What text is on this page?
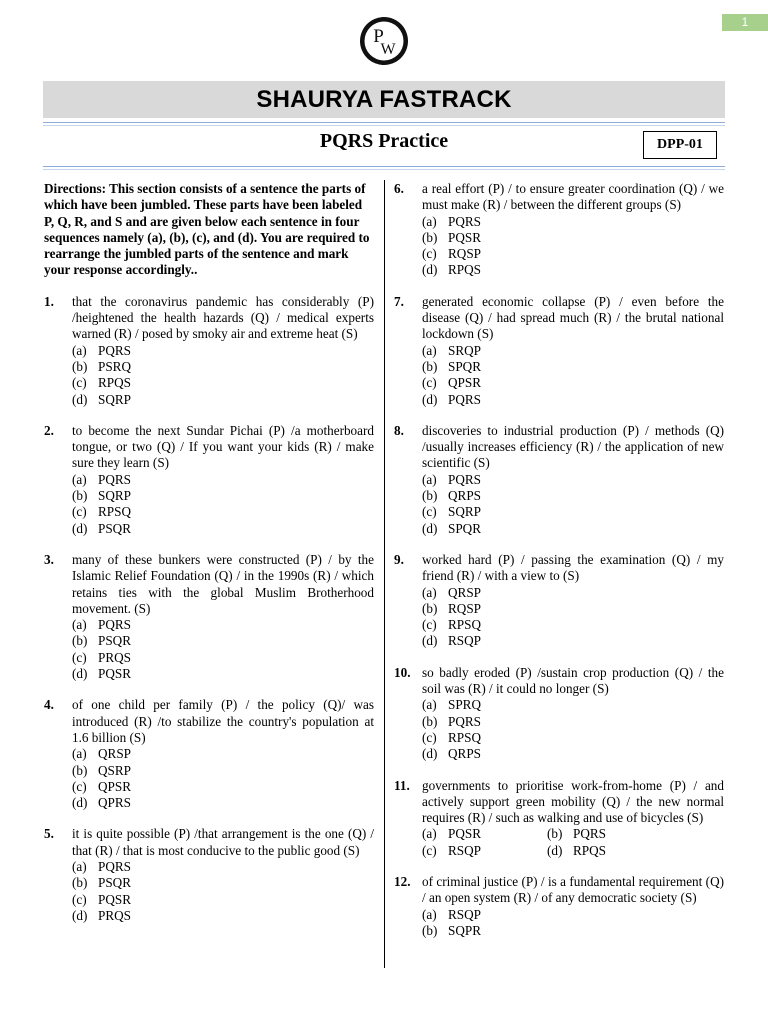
1
P
W
SHAURYA FASTRACK
PQRS Practice	DPP-01
Directions: This section consists of a sentence the parts of which have been jumbled. These parts have been labeled P, Q, R, and S and are given below each sentence in four sequences namely (a), (b), (c), and (d). You are required to rearrange the jumbled parts of the sentence and mark your response accordingly..
1.	that the coronavirus pandemic has considerably (P) /heightened the health hazards (Q) / medical experts warned (R) / posed by smoky air and extreme heat (S)
(a) PQRS
(b) PSRQ
(c) RPQS
(d) SQRP
2.	to become the next Sundar Pichai (P) /a motherboard tongue, or two (Q) / If you want your kids (R) / make sure they learn (S)
(a) PQRS
(b) SQRP
(c) RPSQ
(d) PSQR
3.	many of these bunkers were constructed (P) / by the Islamic Relief Foundation (Q) / in the 1990s (R) / which retains ties with the global Muslim Brotherhood movement. (S)
(a) PQRS
(b) PSQR
(c) PRQS
(d) PQSR
4.	of one child per family (P) / the policy (Q)/ was introduced (R) /to stabilize the country's population at 1.6 billion (S)
(a) QRSP
(b) QSRP
(c) QPSR
(d) QPRS
5.	it is quite possible (P) /that arrangement is the one (Q) / that (R) / that is most conducive to the public good (S)
(a) PQRS
(b) PSQR
(c) PQSR
(d) PRQS
6.	a real effort (P) / to ensure greater coordination (Q) / we must make (R) / between the different groups (S)
(a) PQRS
(b) PQSR
(c) RQSP
(d) RPQS
7.	generated economic collapse (P) / even before the disease (Q) / had spread much (R) / the brutal national lockdown (S)
(a) SRQP
(b) SPQR
(c) QPSR
(d) PQRS
8.	discoveries to industrial production (P) / methods (Q) /usually increases efficiency (R) / the application of new scientific (S)
(a) PQRS
(b) QRPS
(c) SQRP
(d) SPQR
9.	worked hard (P) / passing the examination (Q) / my friend (R) / with a view to (S)
(a) QRSP
(b) RQSP
(c) RPSQ
(d) RSQP
10. so badly eroded (P) /sustain crop production (Q) / the soil was (R) / it could no longer (S)
(a) SPRQ
(b) PQRS
(c) RPSQ
(d) QRPS
11. governments to prioritise work-from-home (P) / and actively support green mobility (Q) / the new normal requires (R) / such as walking and use of bicycles (S)
(a) PQSR	(b) PQRS
(c) RSQP	(d) RPQS
12. of criminal justice (P) / is a fundamental requirement (Q) / an open system (R) / of any democratic society (S)
(a) RSQP
(b) SQPR
